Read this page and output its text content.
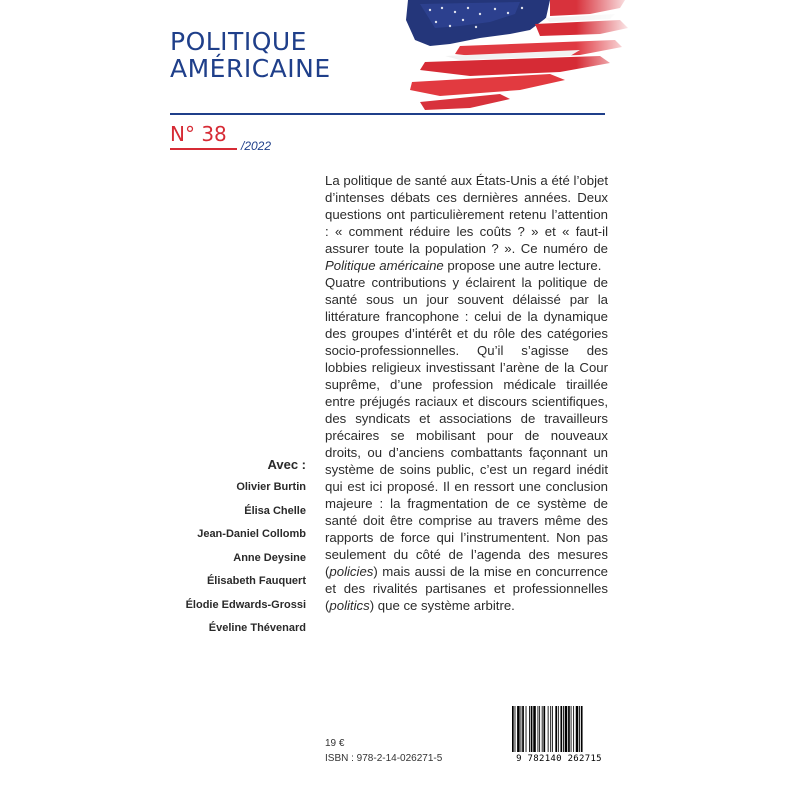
POLITIQUE
AMÉRICAINE
N° 38 /2022

La politique de santé aux États-Unis a été l’objet d’intenses débats ces dernières années. Deux questions ont particulièrement retenu l’attention : « comment réduire les coûts ? » et « faut-il assurer toute la population ? ». Ce numéro de Politique américaine propose une autre lecture.

Quatre contributions y éclairent la politique de santé sous un jour souvent délaissé par la littérature francophone : celui de la dynamique des groupes d’intérêt et du rôle des catégories socio-professionnelles. Qu’il s’agisse des lobbies religieux investissant l’arène de la Cour suprême, d’une profession médicale tiraillée entre préjugés raciaux et discours scientifiques, des syndicats et associations de travailleurs précaires se mobilisant pour de nouveaux droits, ou d’anciens combattants façonnant un système de soins public, c’est un regard inédit qui est ici proposé. Il en ressort une conclusion majeure : la fragmentation de ce système de santé doit être comprise au travers même des rapports de force qui l’instrumentent. Non pas seulement du côté de l’agenda des mesures (policies) mais aussi de la mise en concurrence et des rivalités partisanes et professionnelles (politics) que ce système arbitre.

Avec :
Olivier Burtin
Élisa Chelle
Jean-Daniel Collomb
Anne Deysine
Élisabeth Fauquert
Élodie Edwards-Grossi
Éveline Thévenard
19 €
ISBN : 978-2-14-026271-5	9 782140 262715
